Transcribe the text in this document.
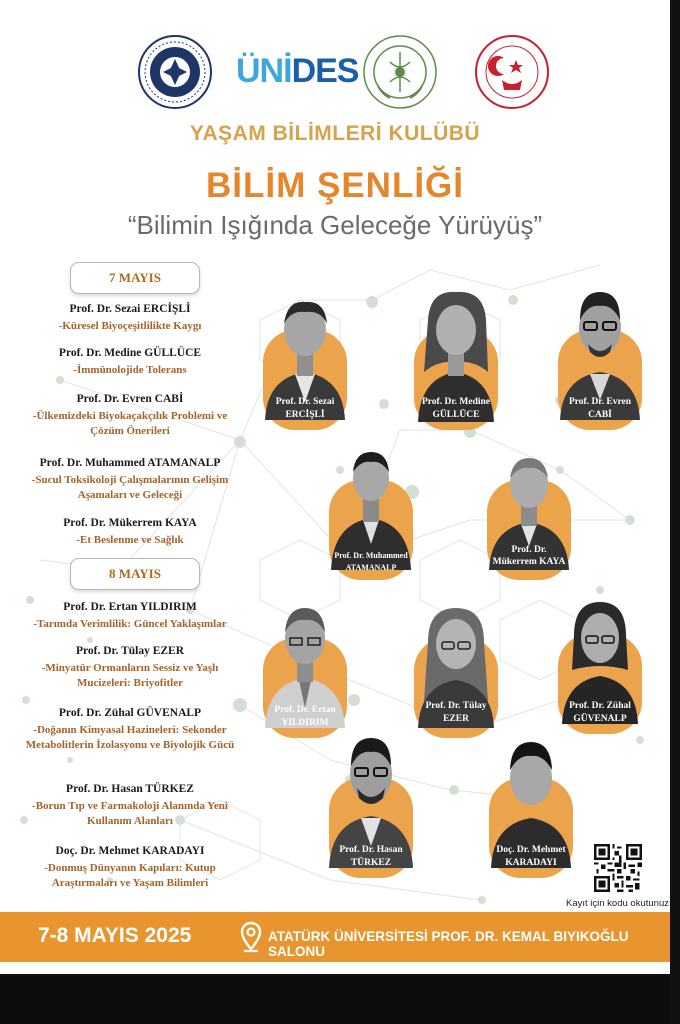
ÜNİDES
YAŞAM BİLİMLERİ KULÜBÜ
BİLİM ŞENLİĞİ
“Bilimin Işığında Geleceğe Yürüyüş”
7 MAYIS
Prof. Dr. Sezai ERCİŞLİ
-Küresel Biyoçeşitlilikte Kaygı
Prof. Dr. Medine GÜLLÜCE
-İmmünolojide Tolerans
Prof. Dr. Evren CABİ
-Ülkemizdeki Biyokaçakçılık Problemi ve Çözüm Önerileri
Prof. Dr. Muhammed ATAMANALP
-Sucul Toksikoloji Çalışmalarının Gelişim Aşamaları ve Geleceği
Prof. Dr. Mükerrem KAYA
-Et Beslenme ve Sağlık
8 MAYIS
Prof. Dr. Ertan YILDIRIM
-Tarımda Verimlilik: Güncel Yaklaşımlar
Prof. Dr. Tülay EZER
-Minyatür Ormanların Sessiz ve Yaşlı Mucizeleri: Briyofitler
Prof. Dr. Zühal GÜVENALP
-Doğanın Kimyasal Hazineleri: Sekonder Metabolitlerin İzolasyonu ve Biyolojik Gücü
Prof. Dr. Hasan TÜRKEZ
-Borun Tıp ve Farmakoloji Alanında Yeni Kullanım Alanları
Doç. Dr. Mehmet KARADAYI
-Donmuş Dünyanın Kapıları: Kutup Araştırmaları ve Yaşam Bilimleri
Prof. Dr. Sezai
ERCİŞLİ
Prof. Dr. Medine
GÜLLÜCE
Prof. Dr. Evren
CABİ
Prof. Dr. Muhammed
ATAMANALP
Prof. Dr.
Mükerrem KAYA
Prof. Dr. Ertan
YILDIRIM
Prof. Dr. Tülay
EZER
Prof. Dr. Zühal
GÜVENALP
Prof. Dr. Hasan
TÜRKEZ
Doç. Dr. Mehmet
KARADAYI
Kayıt için kodu okutunuz
7-8 MAYIS 2025	ATATÜRK ÜNİVERSİTESİ PROF. DR. KEMAL BIYIKOĞLU SALONU
